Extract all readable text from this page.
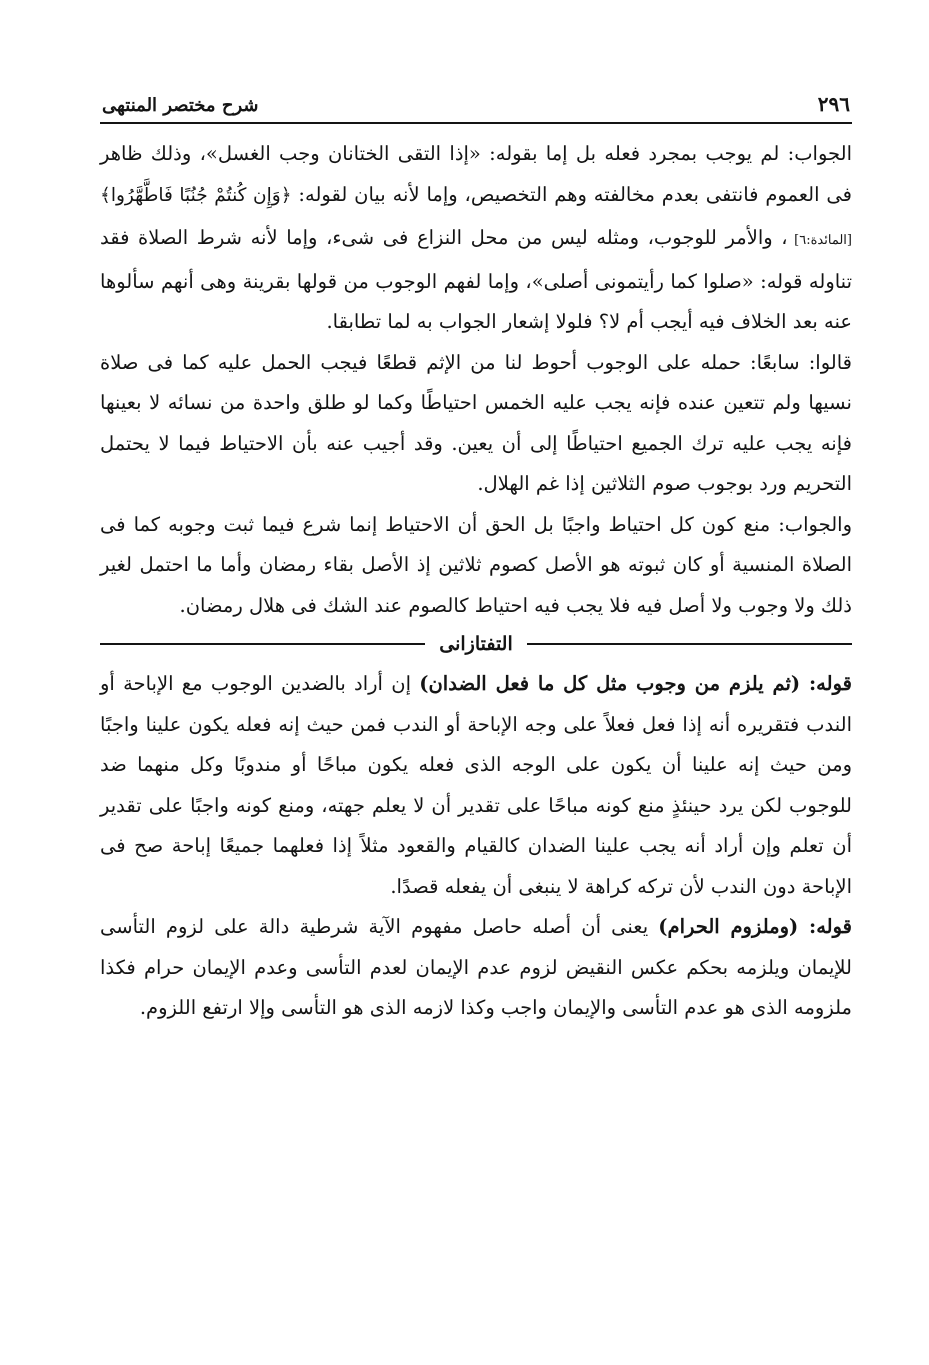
٢٩٦
شرح مختصر المنتهى

الجواب: لم يوجب بمجرد فعله بل إما بقوله: «إذا التقى الختانان وجب الغسل»، وذلك ظاهر فى العموم فانتفى بعدم مخالفته وهم التخصيص، وإما لأنه بيان لقوله: ﴿وَإِن كُنتُمْ جُنُبًا فَاطَّهَّرُوا﴾ [المائدة:٦] ، والأمر للوجوب، ومثله ليس من محل النزاع فى شىء، وإما لأنه شرط الصلاة فقد تناوله قوله: «صلوا كما رأيتمونى أصلى»، وإما لفهم الوجوب من قولها بقرينة وهى أنهم سألوها عنه بعد الخلاف فيه أيجب أم لا؟ فلولا إشعار الجواب به لما تطابقا.

قالوا: سابعًا: حمله على الوجوب أحوط لنا من الإثم قطعًا فيجب الحمل عليه كما فى صلاة نسيها ولم تتعين عنده فإنه يجب عليه الخمس احتياطًا وكما لو طلق واحدة من نسائه لا بعينها فإنه يجب عليه ترك الجميع احتياطًا إلى أن يعين. وقد أجيب عنه بأن الاحتياط فيما لا يحتمل التحريم ورد بوجوب صوم الثلاثين إذا غم الهلال.

والجواب: منع كون كل احتياط واجبًا بل الحق أن الاحتياط إنما شرع فيما ثبت وجوبه كما فى الصلاة المنسية أو كان ثبوته هو الأصل كصوم ثلاثين إذ الأصل بقاء رمضان وأما ما احتمل لغير ذلك ولا وجوب ولا أصل فيه فلا يجب فيه احتياط كالصوم عند الشك فى هلال رمضان.

التفتازانى

قوله: (ثم يلزم من وجوب مثل كل ما فعل الضدان) إن أراد بالضدين الوجوب مع الإباحة أو الندب فتقريره أنه إذا فعل فعلاً على وجه الإباحة أو الندب فمن حيث إنه فعله يكون علينا واجبًا ومن حيث إنه علينا أن يكون على الوجه الذى فعله يكون مباحًا أو مندوبًا وكل منهما ضد للوجوب لكن يرد حينئذٍ منع كونه مباحًا على تقدير أن لا يعلم جهته، ومنع كونه واجبًا على تقدير أن تعلم وإن أراد أنه يجب علينا الضدان كالقيام والقعود مثلاً إذا فعلهما جميعًا إباحة صح فى الإباحة دون الندب لأن تركه كراهة لا ينبغى أن يفعله قصدًا.

قوله: (وملزوم الحرام) يعنى أن أصله حاصل مفهوم الآية شرطية دالة على لزوم التأسى للإيمان ويلزمه بحكم عكس النقيض لزوم عدم الإيمان لعدم التأسى وعدم الإيمان حرام فكذا ملزومه الذى هو عدم التأسى والإيمان واجب وكذا لازمه الذى هو التأسى وإلا ارتفع اللزوم.
